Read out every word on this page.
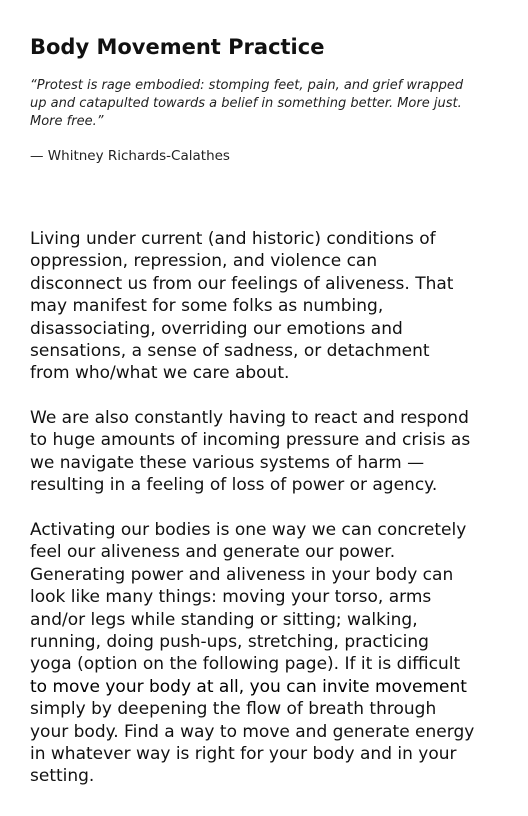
Body Movement Practice

“Protest is rage embodied: stomping feet, pain, and grief wrapped
up and catapulted towards a belief in something better. More just.
More free.”

— Whitney Richards-Calathes

Living under current (and historic) conditions of
oppression, repression, and violence can
disconnect us from our feelings of aliveness. That
may manifest for some folks as numbing,
disassociating, overriding our emotions and
sensations, a sense of sadness, or detachment
from who/what we care about.

We are also constantly having to react and respond
to huge amounts of incoming pressure and crisis as
we navigate these various systems of harm —
resulting in a feeling of loss of power or agency.

Activating our bodies is one way we can concretely
feel our aliveness and generate our power.
Generating power and aliveness in your body can
look like many things: moving your torso, arms
and/or legs while standing or sitting; walking,
running, doing push-ups, stretching, practicing
yoga (option on the following page). If it is difficult
to move your body at all, you can invite movement
simply by deepening the flow of breath through
your body. Find a way to move and generate energy
in whatever way is right for your body and in your
setting.
